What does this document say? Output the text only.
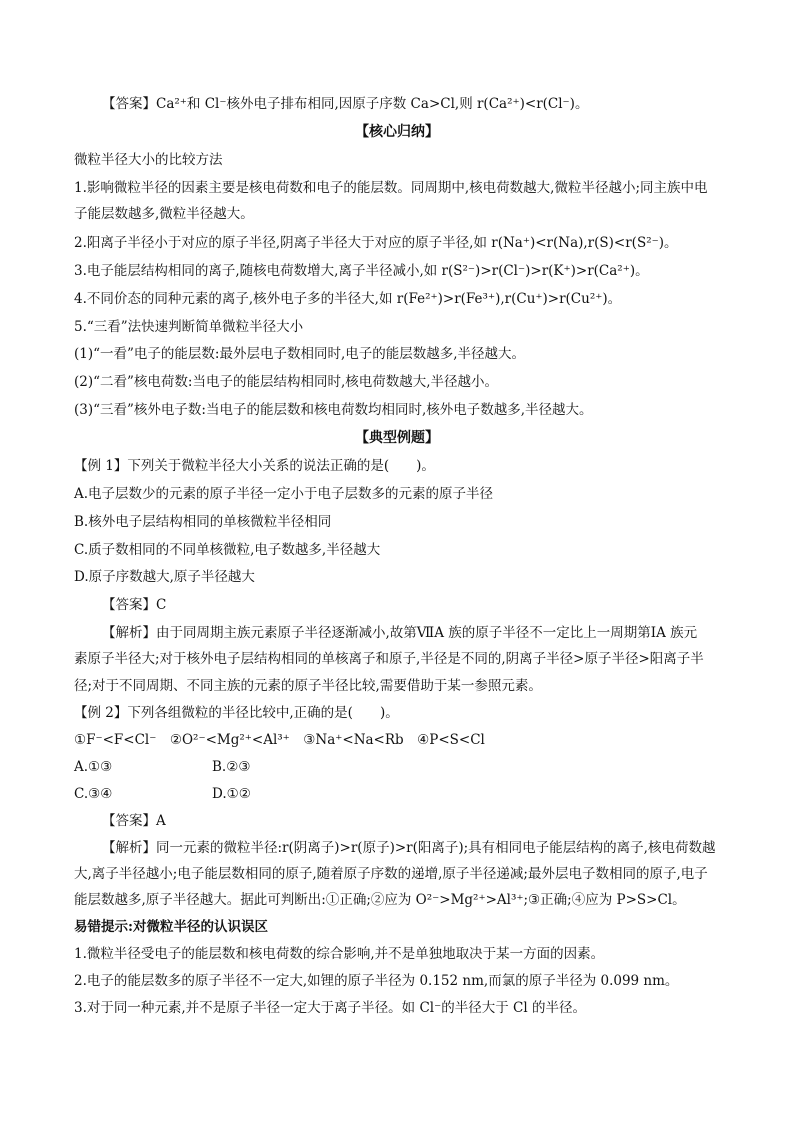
【答案】Ca²⁺和 Cl⁻核外电子排布相同,因原子序数 Ca>Cl,则 r(Ca²⁺)<r(Cl⁻)。
【核心归纳】
微粒半径大小的比较方法
1.影响微粒半径的因素主要是核电荷数和电子的能层数。同周期中,核电荷数越大,微粒半径越小;同主族中电
子能层数越多,微粒半径越大。
2.阳离子半径小于对应的原子半径,阴离子半径大于对应的原子半径,如 r(Na⁺)<r(Na),r(S)<r(S²⁻)。
3.电子能层结构相同的离子,随核电荷数增大,离子半径减小,如 r(S²⁻)>r(Cl⁻)>r(K⁺)>r(Ca²⁺)。
4.不同价态的同种元素的离子,核外电子多的半径大,如 r(Fe²⁺)>r(Fe³⁺),r(Cu⁺)>r(Cu²⁺)。
5.“三看”法快速判断简单微粒半径大小
(1)“一看”电子的能层数:最外层电子数相同时,电子的能层数越多,半径越大。
(2)“二看”核电荷数:当电子的能层结构相同时,核电荷数越大,半径越小。
(3)“三看”核外电子数:当电子的能层数和核电荷数均相同时,核外电子数越多,半径越大。
【典型例题】
【例 1】下列关于微粒半径大小关系的说法正确的是(　　)。
A.电子层数少的元素的原子半径一定小于电子层数多的元素的原子半径
B.核外电子层结构相同的单核微粒半径相同
C.质子数相同的不同单核微粒,电子数越多,半径越大
D.原子序数越大,原子半径越大
【答案】C
【解析】由于同周期主族元素原子半径逐渐减小,故第ⅦA 族的原子半径不一定比上一周期第ⅠA 族元
素原子半径大;对于核外电子层结构相同的单核离子和原子,半径是不同的,阴离子半径>原子半径>阳离子半
径;对于不同周期、不同主族的元素的原子半径比较,需要借助于某一参照元素。
【例 2】下列各组微粒的半径比较中,正确的是(　　)。
①F⁻<F<Cl⁻　②O²⁻<Mg²⁺<Al³⁺　③Na⁺<Na<Rb　④P<S<Cl
A.①③	B.②③
C.③④	D.①②
【答案】A
【解析】同一元素的微粒半径:r(阴离子)>r(原子)>r(阳离子);具有相同电子能层结构的离子,核电荷数越
大,离子半径越小;电子能层数相同的原子,随着原子序数的递增,原子半径递减;最外层电子数相同的原子,电子
能层数越多,原子半径越大。据此可判断出:①正确;②应为 O²⁻>Mg²⁺>Al³⁺;③正确;④应为 P>S>Cl。
易错提示:对微粒半径的认识误区
1.微粒半径受电子的能层数和核电荷数的综合影响,并不是单独地取决于某一方面的因素。
2.电子的能层数多的原子半径不一定大,如锂的原子半径为 0.152 nm,而氯的原子半径为 0.099 nm。
3.对于同一种元素,并不是原子半径一定大于离子半径。如 Cl⁻的半径大于 Cl 的半径。
